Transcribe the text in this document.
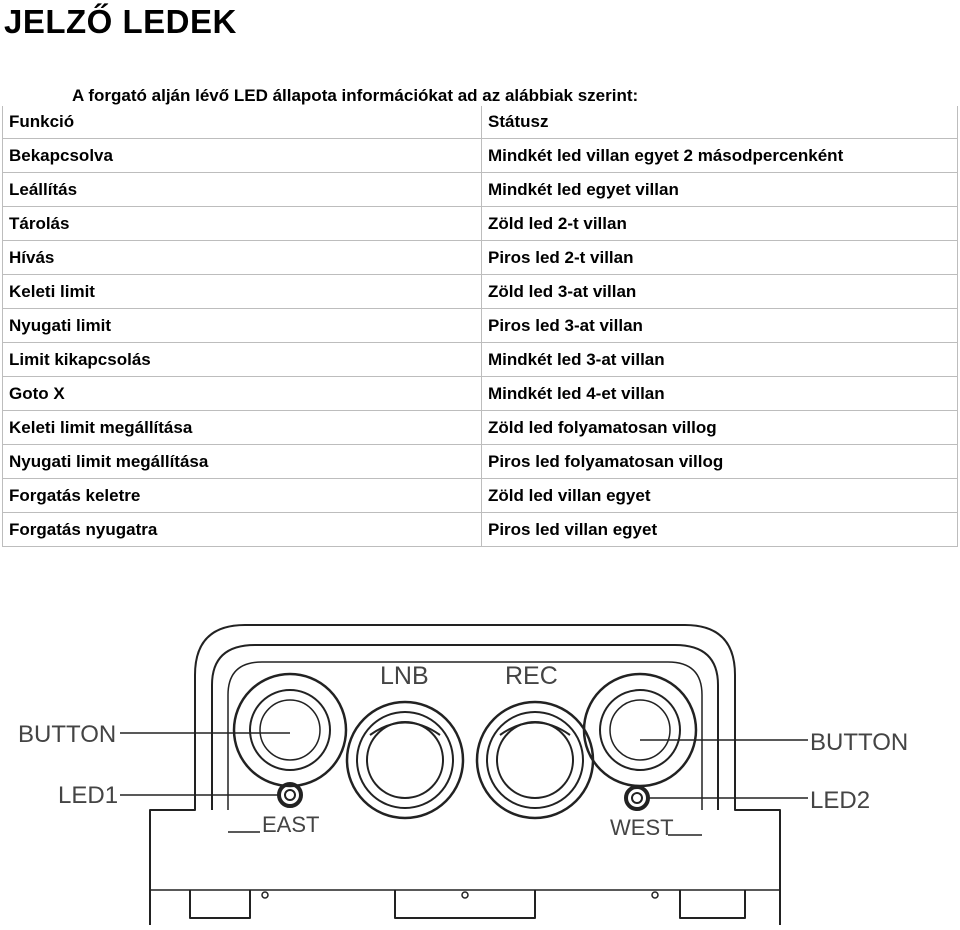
JELZŐ LEDEK

A forgató alján lévő LED állapota információkat ad az alábbiak szerint:

Funkció	Státusz
Bekapcsolva	Mindkét led villan egyet 2 másodpercenként
Leállítás	Mindkét led egyet villan
Tárolás	Zöld led 2-t villan
Hívás	Piros led 2-t villan
Keleti limit	Zöld led 3-at villan
Nyugati limit	Piros led 3-at villan
Limit kikapcsolás	Mindkét led 3-at villan
Goto X	Mindkét led 4-et villan
Keleti limit megállítása	Zöld led folyamatosan villog
Nyugati limit megállítása	Piros led folyamatosan villog
Forgatás keletre	Zöld led villan egyet
Forgatás nyugatra	Piros led villan egyet
LNB	REC
BUTTON	BUTTON
LED1	LED2
EAST	WEST
